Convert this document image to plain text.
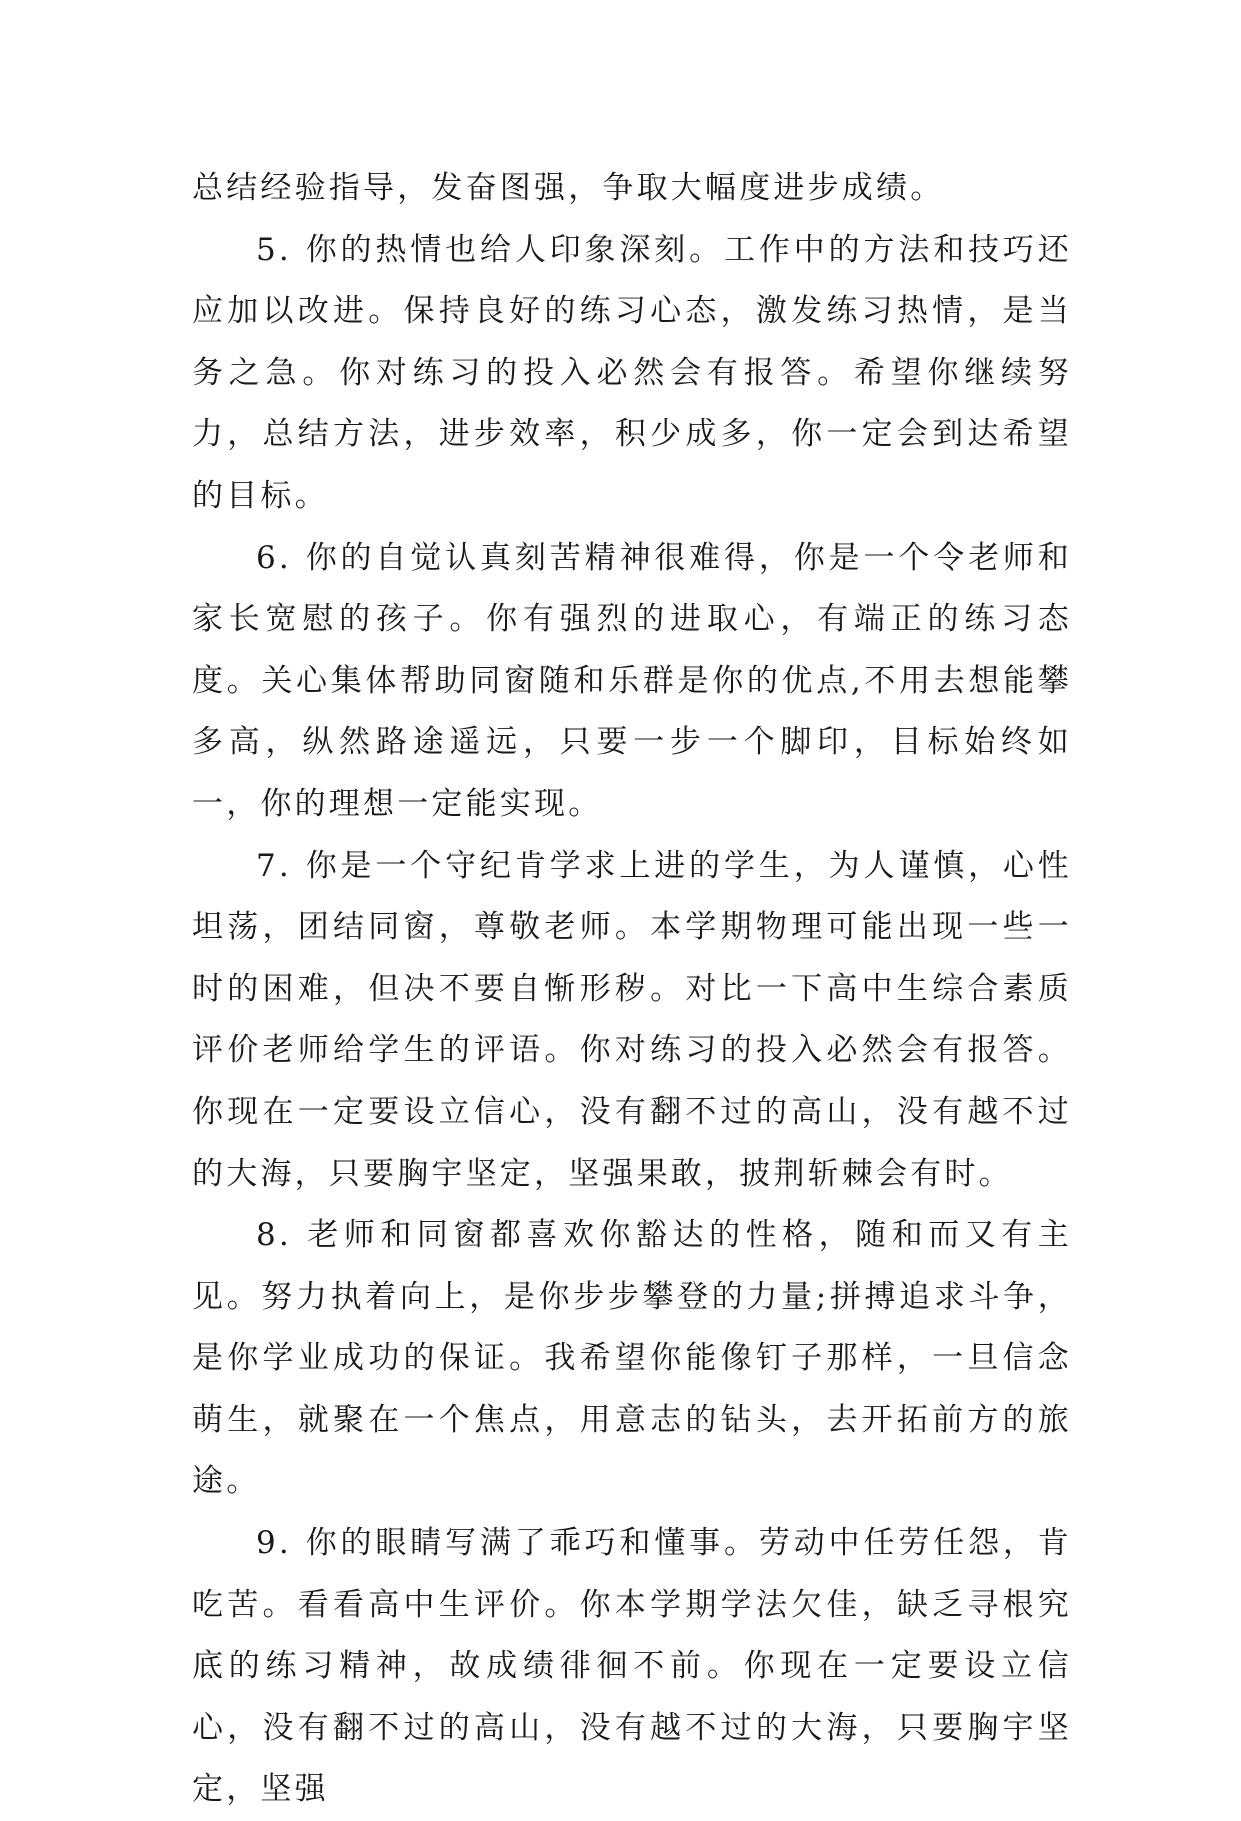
总结经验指导，发奋图强，争取大幅度进步成绩。

5. 你的热情也给人印象深刻。工作中的方法和技巧还应加以改进。保持良好的练习心态，激发练习热情，是当务之急。你对练习的投入必然会有报答。希望你继续努力，总结方法，进步效率，积少成多，你一定会到达希望的目标。

6. 你的自觉认真刻苦精神很难得，你是一个令老师和家长宽慰的孩子。你有强烈的进取心，有端正的练习态度。关心集体帮助同窗随和乐群是你的优点,不用去想能攀多高，纵然路途遥远，只要一步一个脚印，目标始终如一，你的理想一定能实现。

7. 你是一个守纪肯学求上进的学生，为人谨慎，心性坦荡，团结同窗，尊敬老师。本学期物理可能出现一些一时的困难，但决不要自惭形秽。对比一下高中生综合素质评价老师给学生的评语。你对练习的投入必然会有报答。你现在一定要设立信心，没有翻不过的高山，没有越不过的大海，只要胸宇坚定，坚强果敢，披荆斩棘会有时。

8. 老师和同窗都喜欢你豁达的性格，随和而又有主见。努力执着向上，是你步步攀登的力量;拼搏追求斗争，是你学业成功的保证。我希望你能像钉子那样，一旦信念萌生，就聚在一个焦点，用意志的钻头，去开拓前方的旅途。

9. 你的眼睛写满了乖巧和懂事。劳动中任劳任怨，肯吃苦。看看高中生评价。你本学期学法欠佳，缺乏寻根究底的练习精神，故成绩徘徊不前。你现在一定要设立信心，没有翻不过的高山，没有越不过的大海，只要胸宇坚定，坚强
